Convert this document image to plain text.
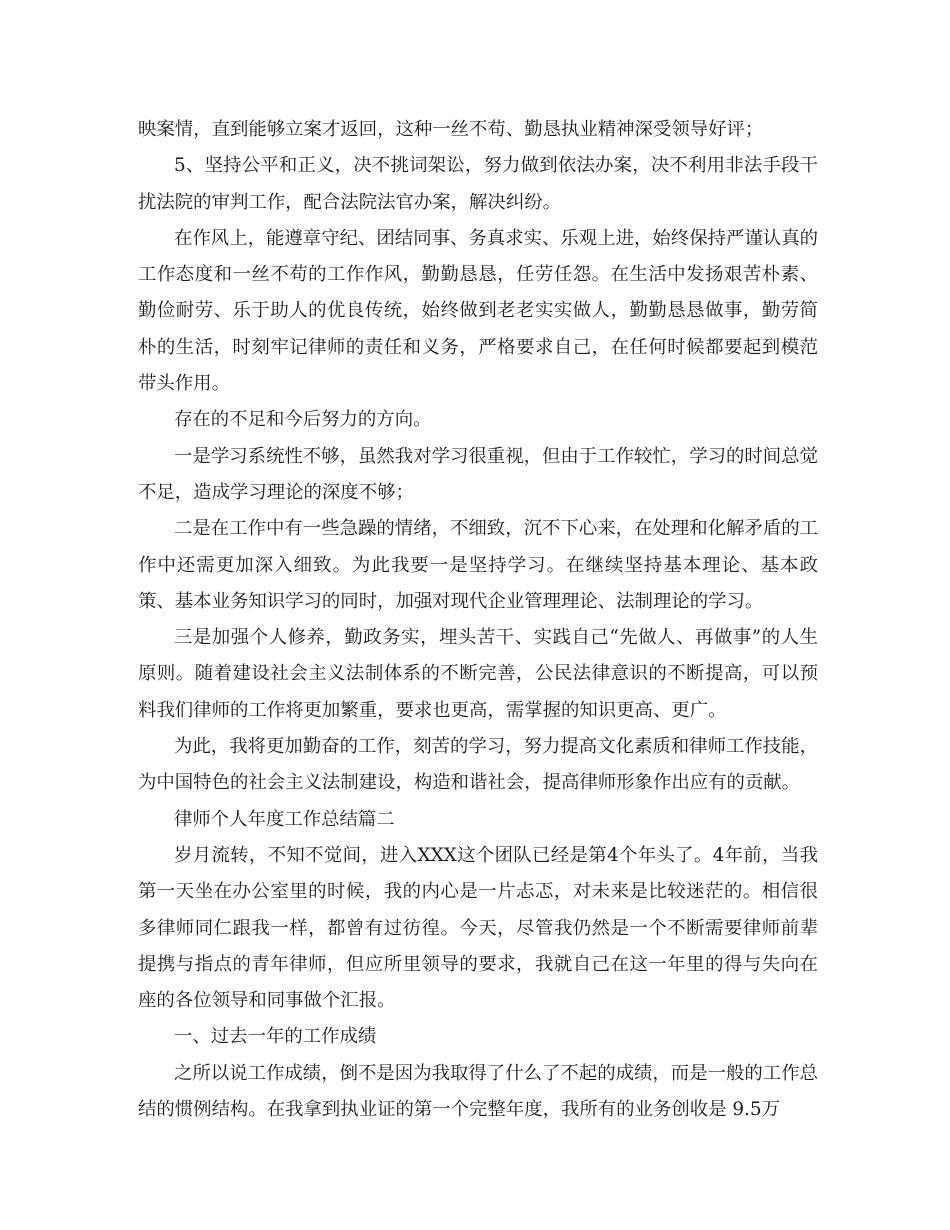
映案情，直到能够立案才返回，这种一丝不苟、勤恳执业精神深受领导好评；

5、坚持公平和正义，决不挑词架讼，努力做到依法办案，决不利用非法手段干扰法院的审判工作，配合法院法官办案，解决纠纷。

在作风上，能遵章守纪、团结同事、务真求实、乐观上进，始终保持严谨认真的工作态度和一丝不苟的工作作风，勤勤恳恳，任劳任怨。在生活中发扬艰苦朴素、勤俭耐劳、乐于助人的优良传统，始终做到老老实实做人，勤勤恳恳做事，勤劳简朴的生活，时刻牢记律师的责任和义务，严格要求自己，在任何时候都要起到模范带头作用。

存在的不足和今后努力的方向。

一是学习系统性不够，虽然我对学习很重视，但由于工作较忙，学习的时间总觉不足，造成学习理论的深度不够；

二是在工作中有一些急躁的情绪，不细致，沉不下心来，在处理和化解矛盾的工作中还需更加深入细致。为此我要一是坚持学习。在继续坚持基本理论、基本政策、基本业务知识学习的同时，加强对现代企业管理理论、法制理论的学习。

三是加强个人修养，勤政务实，埋头苦干、实践自己“先做人、再做事”的人生原则。随着建设社会主义法制体系的不断完善，公民法律意识的不断提高，可以预料我们律师的工作将更加繁重，要求也更高，需掌握的知识更高、更广。

为此，我将更加勤奋的工作，刻苦的学习，努力提高文化素质和律师工作技能，为中国特色的社会主义法制建设，构造和谐社会，提高律师形象作出应有的贡献。

律师个人年度工作总结篇二

岁月流转，不知不觉间，进入XXX这个团队已经是第4个年头了。4年前，当我第一天坐在办公室里的时候，我的内心是一片忐忑，对未来是比较迷茫的。相信很多律师同仁跟我一样，都曾有过彷徨。今天，尽管我仍然是一个不断需要律师前辈提携与指点的青年律师，但应所里领导的要求，我就自己在这一年里的得与失向在座的各位领导和同事做个汇报。

一、过去一年的工作成绩

之所以说工作成绩，倒不是因为我取得了什么了不起的成绩，而是一般的工作总结的惯例结构。在我拿到执业证的第一个完整年度，我所有的业务创收是 9.5万
